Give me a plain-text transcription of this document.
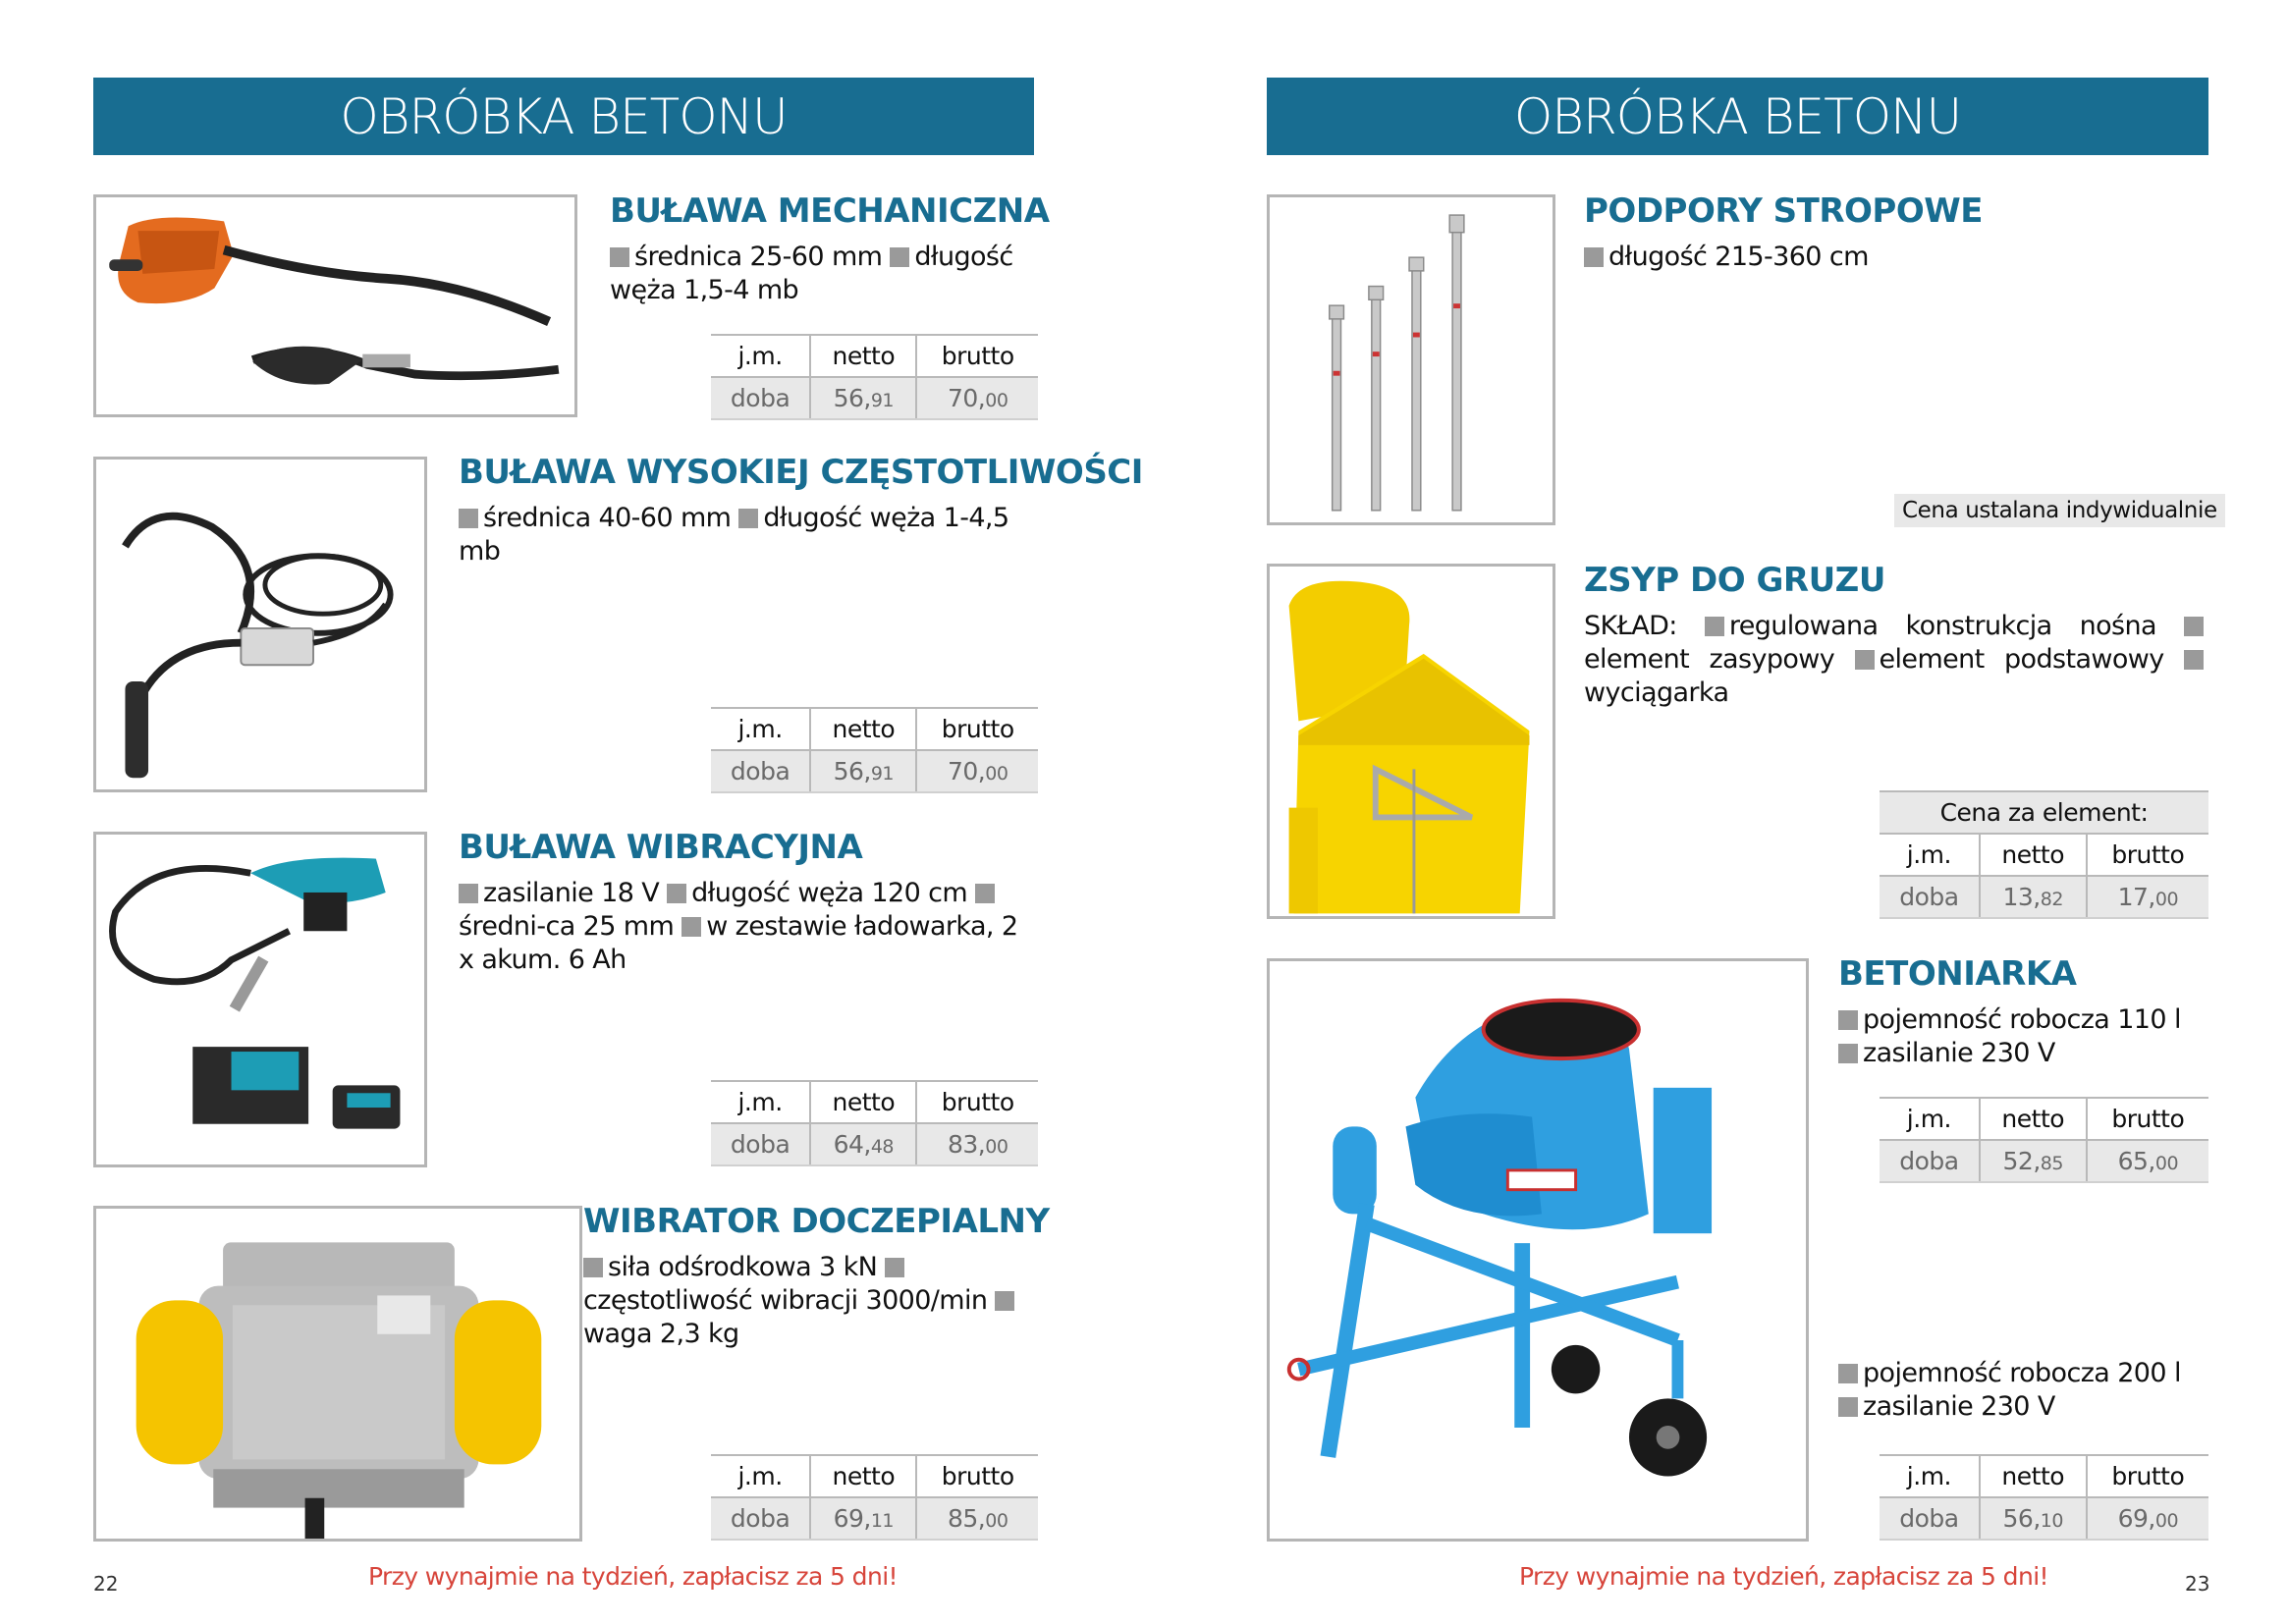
OBRÓBKA BETONU
BUŁAWA MECHANICZNA
średnica 25-60 mm długość węża 1,5-4 mb
j.m.	netto	brutto
doba	56,91	70,00
BUŁAWA WYSOKIEJ CZĘSTOTLIWOŚCI
średnica 40-60 mm długość węża 1-4,5 mb
j.m.	netto	brutto
doba	56,91	70,00
BUŁAWA WIBRACYJNA
zasilanie 18 V długość węża 120 cm średni-ca 25 mm w zestawie ładowarka, 2 x akum. 6 Ah
j.m.	netto	brutto
doba	64,48	83,00
WIBRATOR DOCZEPIALNY
siła odśrodkowa 3 kN częstotliwość wibracji 3000/min waga 2,3 kg
j.m.	netto	brutto
doba	69,11	85,00
22	Przy wynajmie na tydzień, zapłacisz za 5 dni!
OBRÓBKA BETONU
PODPORY STROPOWE
długość 215-360 cm
Cena ustalana indywidualnie
ZSYP DO GRUZU
SKŁAD: regulowana konstrukcja nośna element zasypowy element podstawowy wyciągarka
Cena za element:		
j.m.	netto	brutto
doba	13,82	17,00
BETONIARKA
pojemność robocza 110 l
zasilanie 230 V
j.m.	netto	brutto
doba	52,85	65,00
pojemność robocza 200 l
zasilanie 230 V
j.m.	netto	brutto
doba	56,10	69,00
Przy wynajmie na tydzień, zapłacisz za 5 dni!	23
